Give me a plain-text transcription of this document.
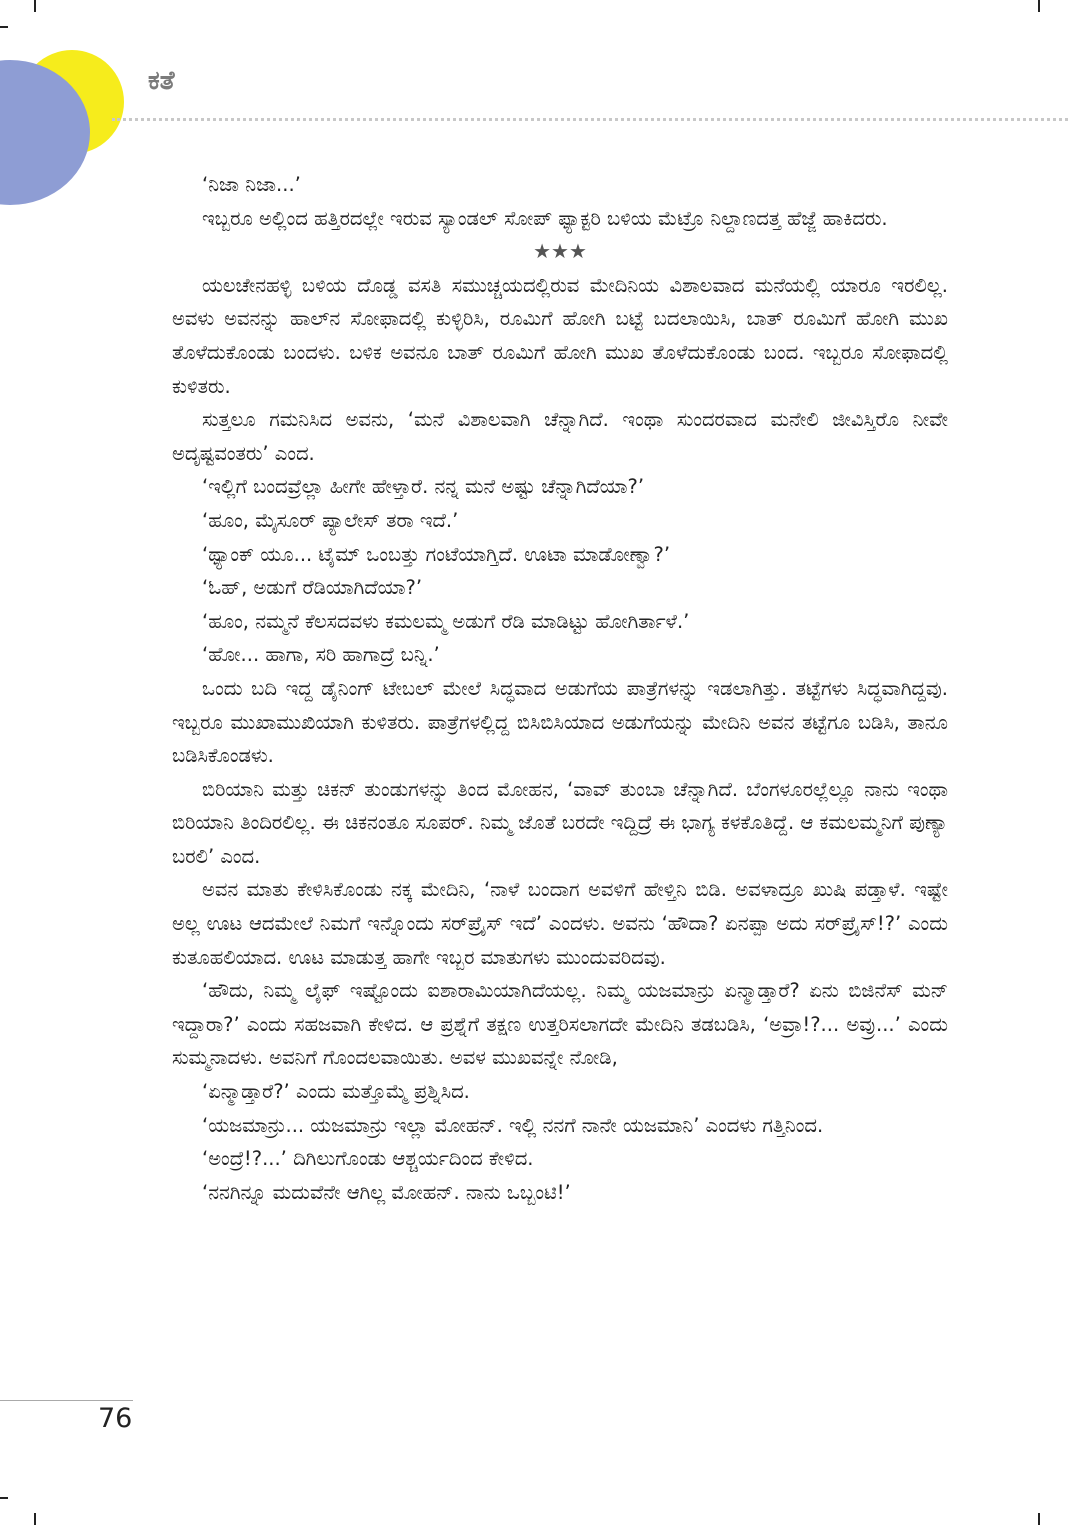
ಕತೆ

‘ನಿಜಾ ನಿಜಾ...’

ಇಬ್ಬರೂ ಅಲ್ಲಿಂದ ಹತ್ತಿರದಲ್ಲೇ ಇರುವ ಸ್ಯಾಂಡಲ್ ಸೋಪ್ ಫ್ಯಾಕ್ಟರಿ ಬಳಿಯ ಮೆಟ್ರೊ ನಿಲ್ದಾಣದತ್ತ ಹೆಜ್ಜೆ ಹಾಕಿದರು.

★★★

ಯಲಚೇನಹಳ್ಳಿ ಬಳಿಯ ದೊಡ್ಡ ವಸತಿ ಸಮುಚ್ಚಯದಲ್ಲಿರುವ ಮೇದಿನಿಯ ವಿಶಾಲವಾದ ಮನೆಯಲ್ಲಿ ಯಾರೂ ಇರಲಿಲ್ಲ. ಅವಳು ಅವನನ್ನು ಹಾಲ್‌ನ ಸೋಫಾದಲ್ಲಿ ಕುಳ್ಳಿರಿಸಿ, ರೂಮಿಗೆ ಹೋಗಿ ಬಟ್ಟೆ ಬದಲಾಯಿಸಿ, ಬಾತ್ ರೂಮಿಗೆ ಹೋಗಿ ಮುಖ ತೊಳೆದುಕೊಂಡು ಬಂದಳು. ಬಳಿಕ ಅವನೂ ಬಾತ್ ರೂಮಿಗೆ ಹೋಗಿ ಮುಖ ತೊಳೆದುಕೊಂಡು ಬಂದ. ಇಬ್ಬರೂ ಸೋಫಾದಲ್ಲಿ ಕುಳಿತರು.

ಸುತ್ತಲೂ ಗಮನಿಸಿದ ಅವನು, ‘ಮನೆ ವಿಶಾಲವಾಗಿ ಚೆನ್ನಾಗಿದೆ. ಇಂಥಾ ಸುಂದರವಾದ ಮನೇಲಿ ಜೀವಿಸ್ತಿರೊ ನೀವೇ ಅದೃಷ್ಟವಂತರು’ ಎಂದ.

‘ಇಲ್ಲಿಗೆ ಬಂದವ್ರೆಲ್ಲಾ ಹೀಗೇ ಹೇಳ್ತಾರೆ. ನನ್ನ ಮನೆ ಅಷ್ಟು ಚೆನ್ನಾಗಿದೆಯಾ?’

‘ಹೂಂ, ಮೈಸೂರ್ ಪ್ಯಾಲೇಸ್ ತರಾ ಇದೆ.’

‘ಥ್ಯಾಂಕ್ ಯೂ... ಟೈಮ್ ಒಂಬತ್ತು ಗಂಟೆಯಾಗ್ತಿದೆ. ಊಟಾ ಮಾಡೋಣ್ವಾ?’

‘ಓಹ್, ಅಡುಗೆ ರೆಡಿಯಾಗಿದೆಯಾ?’

‘ಹೂಂ, ನಮ್ಮನೆ ಕೆಲಸದವಳು ಕಮಲಮ್ಮ ಅಡುಗೆ ರೆಡಿ ಮಾಡಿಟ್ಟು ಹೋಗಿರ್ತಾಳೆ.’

‘ಹೋ... ಹಾಗಾ, ಸರಿ ಹಾಗಾದ್ರೆ ಬನ್ನಿ.’

ಒಂದು ಬದಿ ಇದ್ದ ಡೈನಿಂಗ್ ಟೇಬಲ್ ಮೇಲೆ ಸಿದ್ಧವಾದ ಅಡುಗೆಯ ಪಾತ್ರೆಗಳನ್ನು ಇಡಲಾಗಿತ್ತು. ತಟ್ಟೆಗಳು ಸಿದ್ಧವಾಗಿದ್ದವು. ಇಬ್ಬರೂ ಮುಖಾಮುಖಿಯಾಗಿ ಕುಳಿತರು. ಪಾತ್ರೆಗಳಲ್ಲಿದ್ದ ಬಿಸಿಬಿಸಿಯಾದ ಅಡುಗೆಯನ್ನು ಮೇದಿನಿ ಅವನ ತಟ್ಟೆಗೂ ಬಡಿಸಿ, ತಾನೂ ಬಡಿಸಿಕೊಂಡಳು.

ಬಿರಿಯಾನಿ ಮತ್ತು ಚಿಕನ್ ತುಂಡುಗಳನ್ನು ತಿಂದ ಮೋಹನ, ‘ವಾವ್ ತುಂಬಾ ಚೆನ್ನಾಗಿದೆ. ಬೆಂಗಳೂರಲ್ಲೆಲ್ಲೂ ನಾನು ಇಂಥಾ ಬಿರಿಯಾನಿ ತಿಂದಿರಲಿಲ್ಲ. ಈ ಚಿಕನಂತೂ ಸೂಪರ್. ನಿಮ್ಮ ಜೊತೆ ಬರದೇ ಇದ್ದಿದ್ರೆ ಈ ಭಾಗ್ಯ ಕಳಕೊತಿದ್ದೆ. ಆ ಕಮಲಮ್ಮನಿಗೆ ಪುಣ್ಯಾ ಬರಲಿ’ ಎಂದ.

ಅವನ ಮಾತು ಕೇಳಿಸಿಕೊಂಡು ನಕ್ಕ ಮೇದಿನಿ, ‘ನಾಳೆ ಬಂದಾಗ ಅವಳಿಗೆ ಹೇಳ್ತಿನಿ ಬಿಡಿ. ಅವಳಾದ್ರೂ ಖುಷಿ ಪಡ್ತಾಳೆ. ಇಷ್ಟೇ ಅಲ್ಲ ಊಟ ಆದಮೇಲೆ ನಿಮಗೆ ಇನ್ನೊಂದು ಸರ್‌ಪ್ರೈಸ್ ಇದೆ’ ಎಂದಳು. ಅವನು ‘ಹೌದಾ? ಏನಪ್ಪಾ ಅದು ಸರ್‌ಪ್ರೈಸ್!?’ ಎಂದು ಕುತೂಹಲಿಯಾದ. ಊಟ ಮಾಡುತ್ತ ಹಾಗೇ ಇಬ್ಬರ ಮಾತುಗಳು ಮುಂದುವರಿದವು.

‘ಹೌದು, ನಿಮ್ಮ ಲೈಫ್ ಇಷ್ಟೊಂದು ಐಶಾರಾಮಿಯಾಗಿದೆಯಲ್ಲ. ನಿಮ್ಮ ಯಜಮಾನ್ರು ಏನ್ಮಾಡ್ತಾರೆ? ಏನು ಬಿಜಿನೆಸ್ ಮನ್ ಇದ್ದಾರಾ?’ ಎಂದು ಸಹಜವಾಗಿ ಕೇಳಿದ. ಆ ಪ್ರಶ್ನೆಗೆ ತಕ್ಷಣ ಉತ್ತರಿಸಲಾಗದೇ ಮೇದಿನಿ ತಡಬಡಿಸಿ, ‘ಅವ್ರಾ!?... ಅವ್ರು...’ ಎಂದು ಸುಮ್ಮನಾದಳು. ಅವನಿಗೆ ಗೊಂದಲವಾಯಿತು. ಅವಳ ಮುಖವನ್ನೇ ನೋಡಿ,

‘ಏನ್ಮಾಡ್ತಾರೆ?’ ಎಂದು ಮತ್ತೊಮ್ಮೆ ಪ್ರಶ್ನಿಸಿದ.

‘ಯಜಮಾನ್ರು... ಯಜಮಾನ್ರು ಇಲ್ಲಾ ಮೋಹನ್. ಇಲ್ಲಿ ನನಗೆ ನಾನೇ ಯಜಮಾನಿ’ ಎಂದಳು ಗತ್ತಿನಿಂದ.

‘ಅಂದ್ರೆ!?...’ ದಿಗಿಲುಗೊಂಡು ಆಶ್ಚರ್ಯದಿಂದ ಕೇಳಿದ.

‘ನನಗಿನ್ನೂ ಮದುವೆನೇ ಆಗಿಲ್ಲ ಮೋಹನ್. ನಾನು ಒಬ್ಬಂಟಿ!’

76
